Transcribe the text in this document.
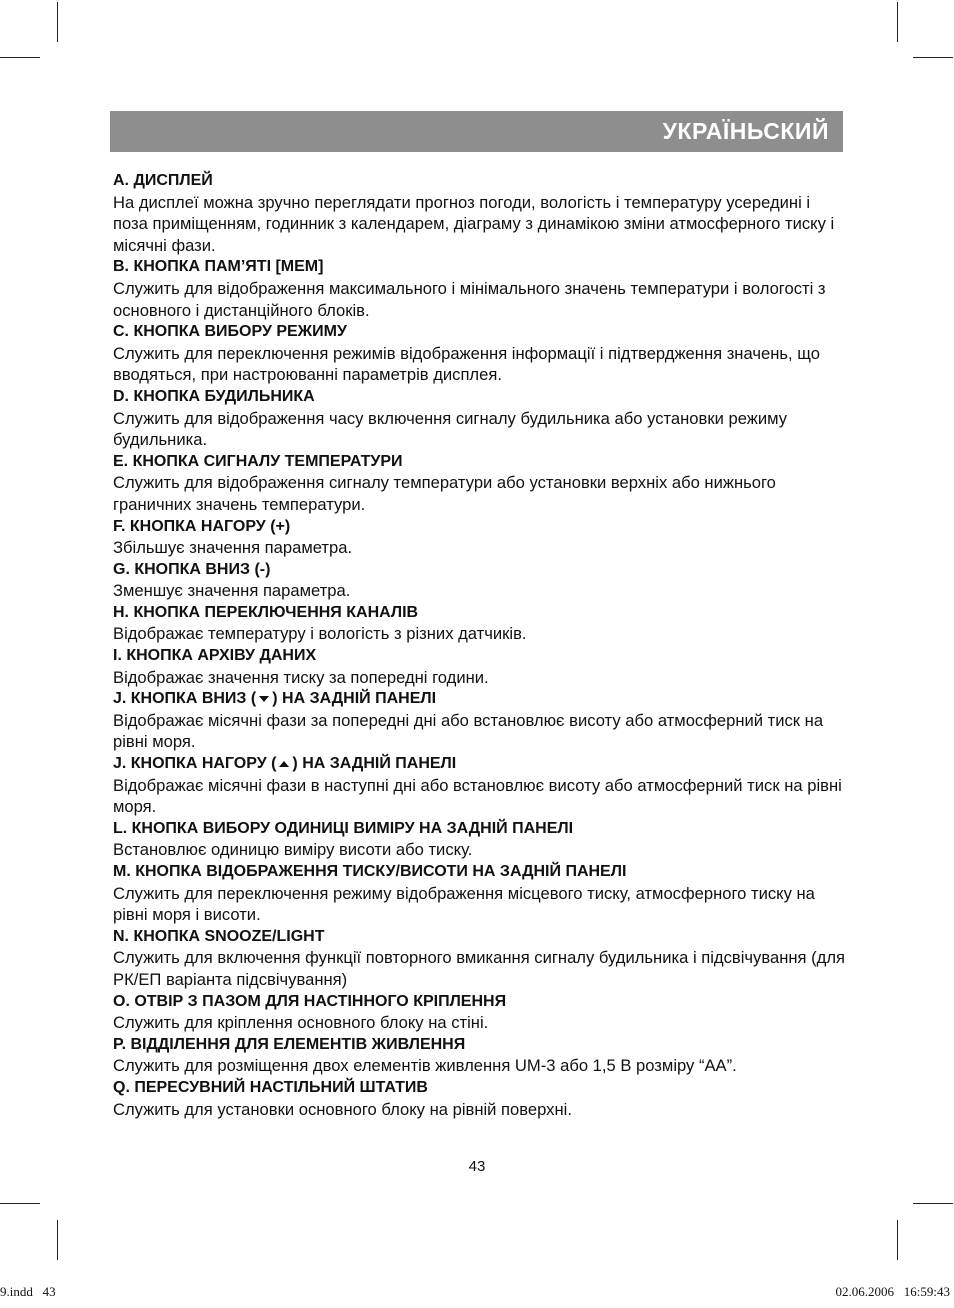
УКРАЇНЬСКИЙ
A. ДИСПЛЕЙ

На дисплеї можна зручно переглядати прогноз погоди, вологість і температуру усередині і поза приміщенням, годинник з календарем, діаграму з динамікою зміни атмосферного тиску і місячні фази.

B. КНОПКА ПАМ’ЯТІ [MEM]

Служить для відображення максимального і мінімального значень температури і вологості з основного і дистанційного блоків.

C. КНОПКА ВИБОРУ РЕЖИМУ

Служить для переключення режимів відображення інформації і підтвердження значень, що вводяться, при настроюванні параметрів дисплея.

D. КНОПКА БУДИЛЬНИКА

Служить для відображення часу включення сигналу будильника або установки режиму будильника.

E. КНОПКА СИГНАЛУ ТЕМПЕРАТУРИ

Служить для відображення сигналу температури або установки верхніх або нижнього граничних значень температури.

F. КНОПКА НАГОРУ (+)

Збільшує значення параметра.

G. КНОПКА ВНИЗ (-)

Зменшує значення параметра.

H. КНОПКА ПЕРЕКЛЮЧЕННЯ КАНАЛІВ

Відображає температуру і вологість з різних датчиків.

I. КНОПКА АРХІВУ ДАНИХ

Відображає значення тиску за попередні години.

J. КНОПКА ВНИЗ ( ) НА ЗАДНІЙ ПАНЕЛІ

Відображає місячні фази за попередні дні або встановлює висоту або атмосферний тиск на рівні моря.

J. КНОПКА НАГОРУ ( ) НА ЗАДНІЙ ПАНЕЛІ

Відображає місячні фази в наступні дні або встановлює висоту або атмосферний тиск на рівні моря.

L. КНОПКА ВИБОРУ ОДИНИЦІ ВИМІРУ НА ЗАДНІЙ ПАНЕЛІ

Встановлює одиницю виміру висоти або тиску.

M. КНОПКА ВІДОБРАЖЕННЯ ТИСКУ/ВИСОТИ НА ЗАДНІЙ ПАНЕЛІ

Служить для переключення режиму відображення місцевого тиску, атмосферного тиску на рівні моря і висоти.

N. КНОПКА SNOOZE/LIGHT

Служить для включення функції повторного вмикання сигналу будильника і підсвічування (для РК/ЕП варіанта підсвічування)

O. ОТВІР З ПАЗОМ ДЛЯ НАСТІННОГО КРІПЛЕННЯ

Служить для кріплення основного блоку на стіні.

P. ВІДДІЛЕННЯ ДЛЯ ЕЛЕМЕНТІВ ЖИВЛЕННЯ

Служить для розміщення двох елементів живлення UM-3 або 1,5 В розміру “AA”.

Q. ПЕРЕСУВНИЙ НАСТІЛЬНИЙ ШТАТИВ

Служить для установки основного блоку на рівній поверхні.

43
9.indd   43	02.06.2006   16:59:43
